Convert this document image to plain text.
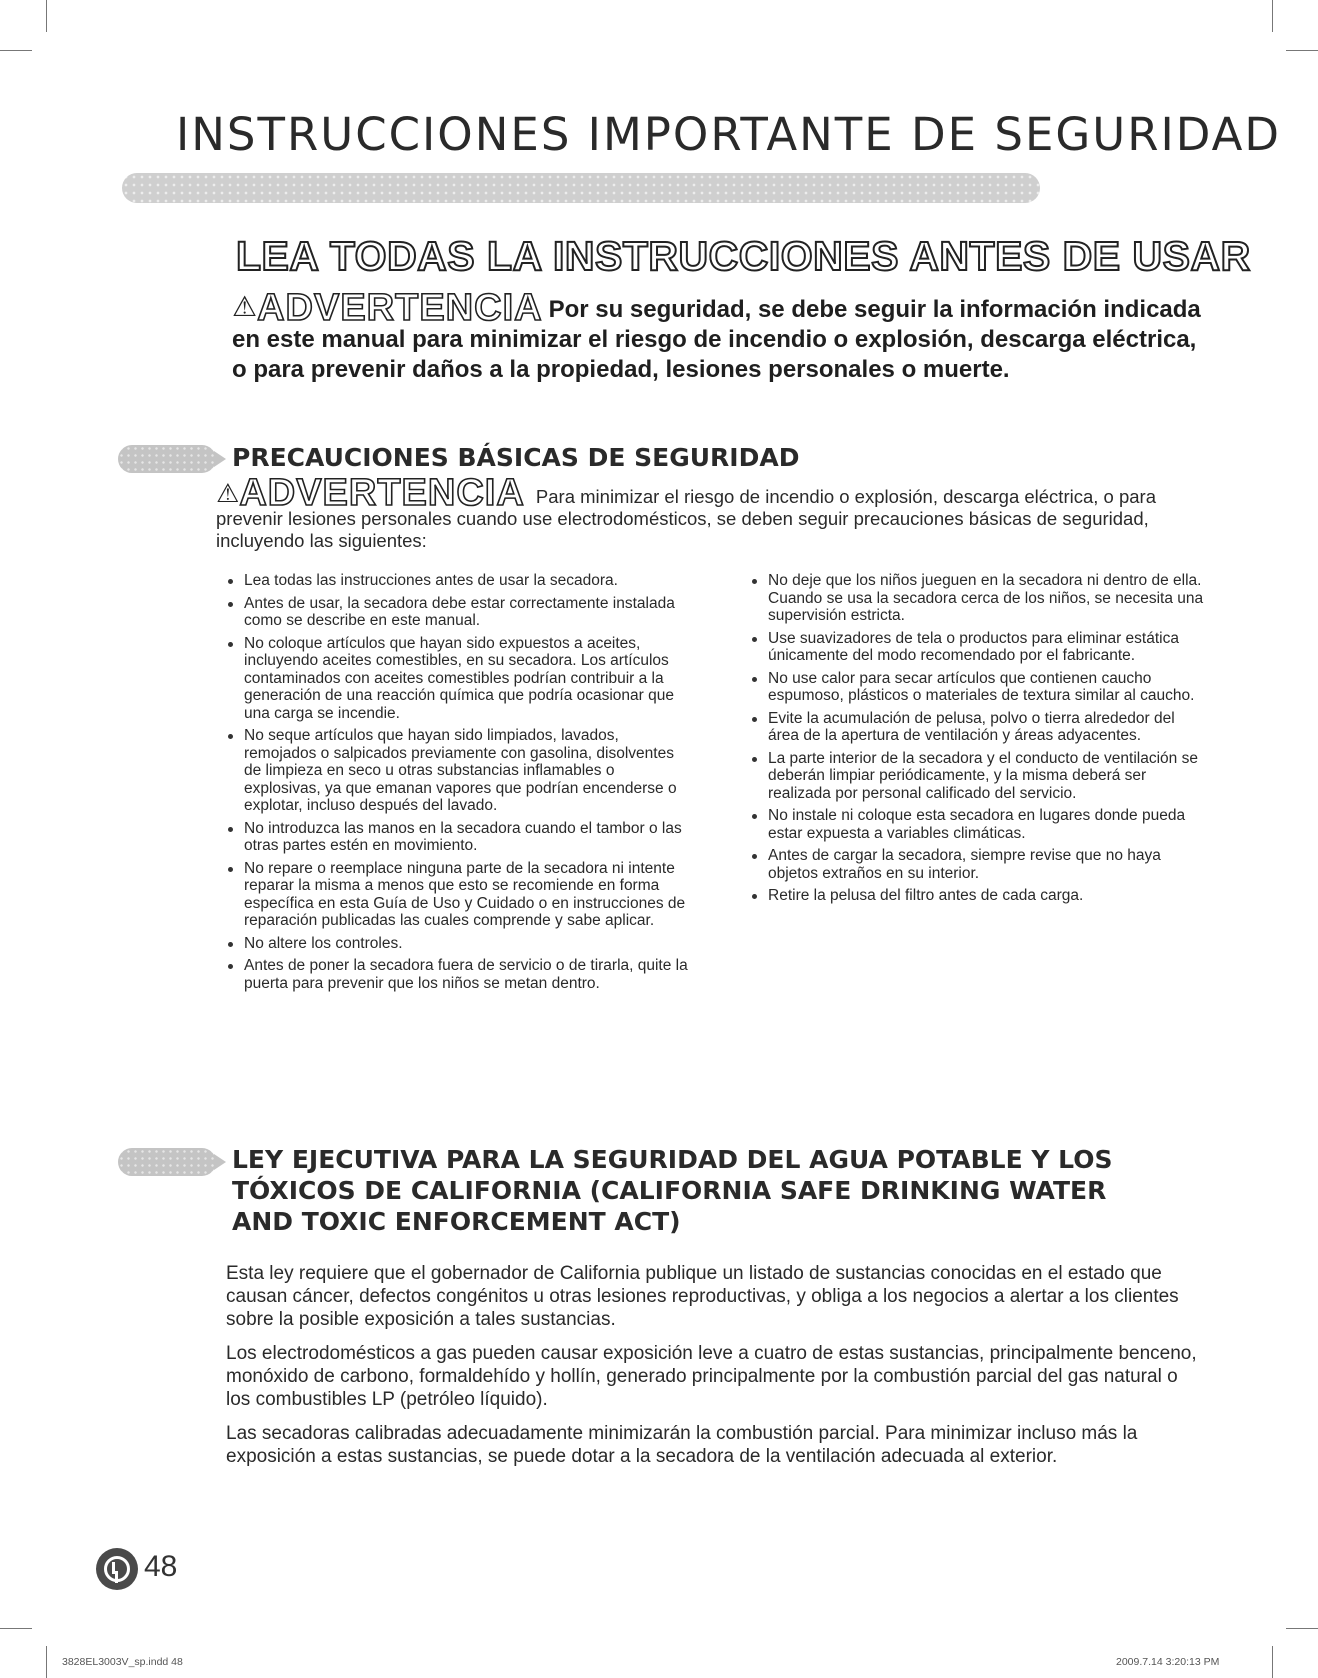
INSTRUCCIONES IMPORTANTE DE SEGURIDAD
LEA TODAS LA INSTRUCCIONES ANTES DE USAR
⚠ADVERTENCIA Por su seguridad, se debe seguir la información indicada en este manual para minimizar el riesgo de incendio o explosión, descarga eléctrica, o para prevenir daños a la propiedad, lesiones personales o muerte.
PRECAUCIONES BÁSICAS DE SEGURIDAD
⚠ADVERTENCIA Para minimizar el riesgo de incendio o explosión, descarga eléctrica, o para prevenir lesiones personales cuando use electrodomésticos, se deben seguir precauciones básicas de seguridad, incluyendo las siguientes:
Lea todas las instrucciones antes de usar la secadora.
Antes de usar, la secadora debe estar correctamente instalada como se describe en este manual.
No coloque artículos que hayan sido expuestos a aceites, incluyendo aceites comestibles, en su secadora. Los artículos contaminados con aceites comestibles podrían contribuir a la generación de una reacción química que podría ocasionar que una carga se incendie.
No seque artículos que hayan sido limpiados, lavados, remojados o salpicados previamente con gasolina, disolventes de limpieza en seco u otras substancias inflamables o explosivas, ya que emanan vapores que podrían encenderse o explotar, incluso después del lavado.
No introduzca las manos en la secadora cuando el tambor o las otras partes estén en movimiento.
No repare o reemplace ninguna parte de la secadora ni intente reparar la misma a menos que esto se recomiende en forma específica en esta Guía de Uso y Cuidado o en instrucciones de reparación publicadas las cuales comprende y sabe aplicar.
No altere los controles.
Antes de poner la secadora fuera de servicio o de tirarla, quite la puerta para prevenir que los niños se metan dentro.
No deje que los niños jueguen en la secadora ni dentro de ella. Cuando se usa la secadora cerca de los niños, se necesita una supervisión estricta.
Use suavizadores de tela o productos para eliminar estática únicamente del modo recomendado por el fabricante.
No use calor para secar artículos que contienen caucho espumoso, plásticos o materiales de textura similar al caucho.
Evite la acumulación de pelusa, polvo o tierra alrededor del área de la apertura de ventilación y áreas adyacentes.
La parte interior de la secadora y el conducto de ventilación se deberán limpiar periódicamente, y la misma deberá ser realizada por personal calificado del servicio.
No instale ni coloque esta secadora en lugares donde pueda estar expuesta a variables climáticas.
Antes de cargar la secadora, siempre revise que no haya objetos extraños en su interior.
Retire la pelusa del filtro antes de cada carga.
LEY EJECUTIVA PARA LA SEGURIDAD DEL AGUA POTABLE Y LOS TÓXICOS DE CALIFORNIA (CALIFORNIA SAFE DRINKING WATER AND TOXIC ENFORCEMENT ACT)

Esta ley requiere que el gobernador de California publique un listado de sustancias conocidas en el estado que causan cáncer, defectos congénitos u otras lesiones reproductivas, y obliga a los negocios a alertar a los clientes sobre la posible exposición a tales sustancias.

Los electrodomésticos a gas pueden causar exposición leve a cuatro de estas sustancias, principalmente benceno, monóxido de carbono, formaldehído y hollín, generado principalmente por la combustión parcial del gas natural o los combustibles LP (petróleo líquido).

Las secadoras calibradas adecuadamente minimizarán la combustión parcial. Para minimizar incluso más la exposición a estas sustancias, se puede dotar a la secadora de la ventilación adecuada al exterior.

48
3828EL3003V_sp.indd 48	2009.7.14 3:20:13 PM
